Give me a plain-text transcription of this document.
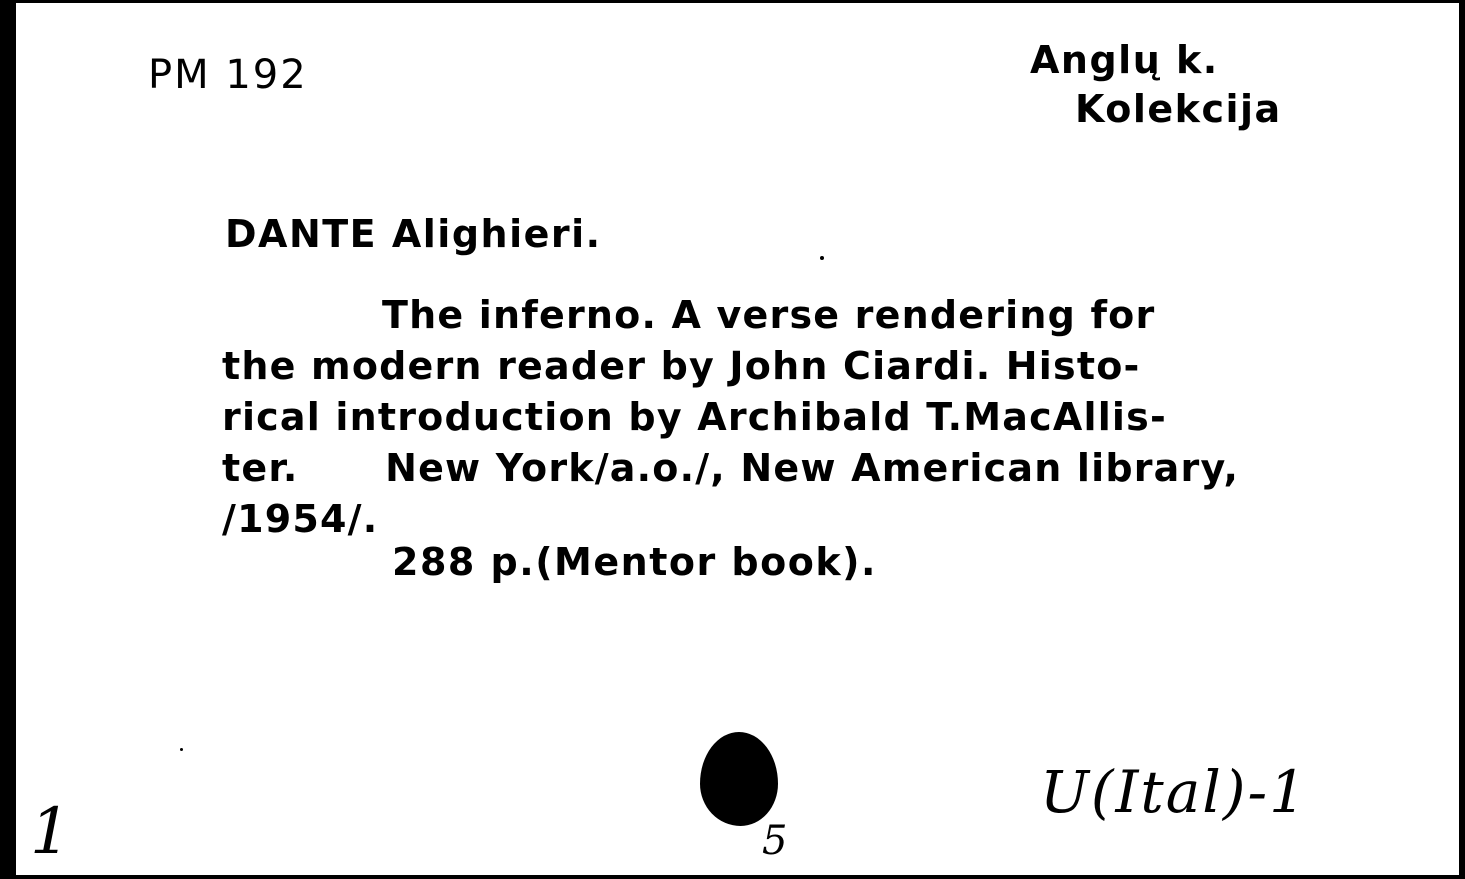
PM 192	Anglų k.
Kolekcija
DANTE Alighieri.
The inferno. A verse rendering for
the modern reader by John Ciardi. Histo-
rical introduction by Archibald T.MacAllis-
ter.      New York/a.o./, New American library,
/1954/.
288 p.(Mentor book).
1	5
U(Ital)-1
